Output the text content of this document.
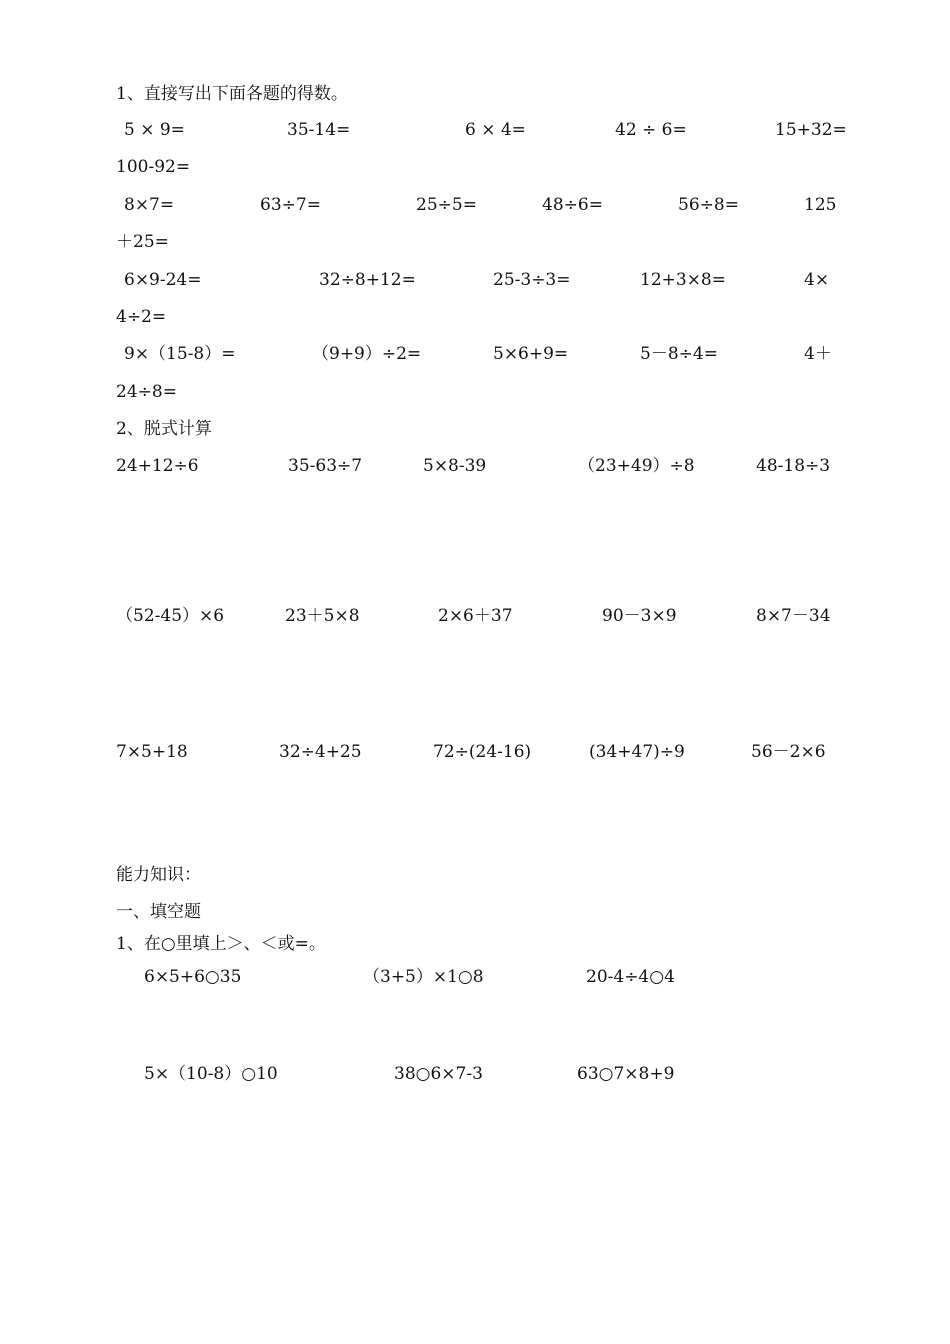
1、直接写出下面各题的得数。
5 × 9=	35-14=	6 × 4=	42 ÷ 6=	15+32=
100-92=
8×7=	63÷7=	25÷5=	48÷6=	56÷8=	125
＋25=
6×9-24=	32÷8+12=	25-3÷3=	12+3×8=	4×
4÷2=
9×（15-8）=	（9+9）÷2=	5×6+9=	5－8÷4=	4＋
24÷8=
2、脱式计算
24+12÷6	35-63÷7	5×8-39	（23+49）÷8	48-18÷3
（52-45）×6	23＋5×8	2×6＋37	90－3×9	8×7－34
7×5+18	32÷4+25	72÷(24-16)	(34+47)÷9	56－2×6
能力知识：
一、填空题
1、在○里填上＞、＜或=。
6×5+6○35	（3+5）×1○8	20-4÷4○4
5×（10-8）○10	38○6×7-3	63○7×8+9
